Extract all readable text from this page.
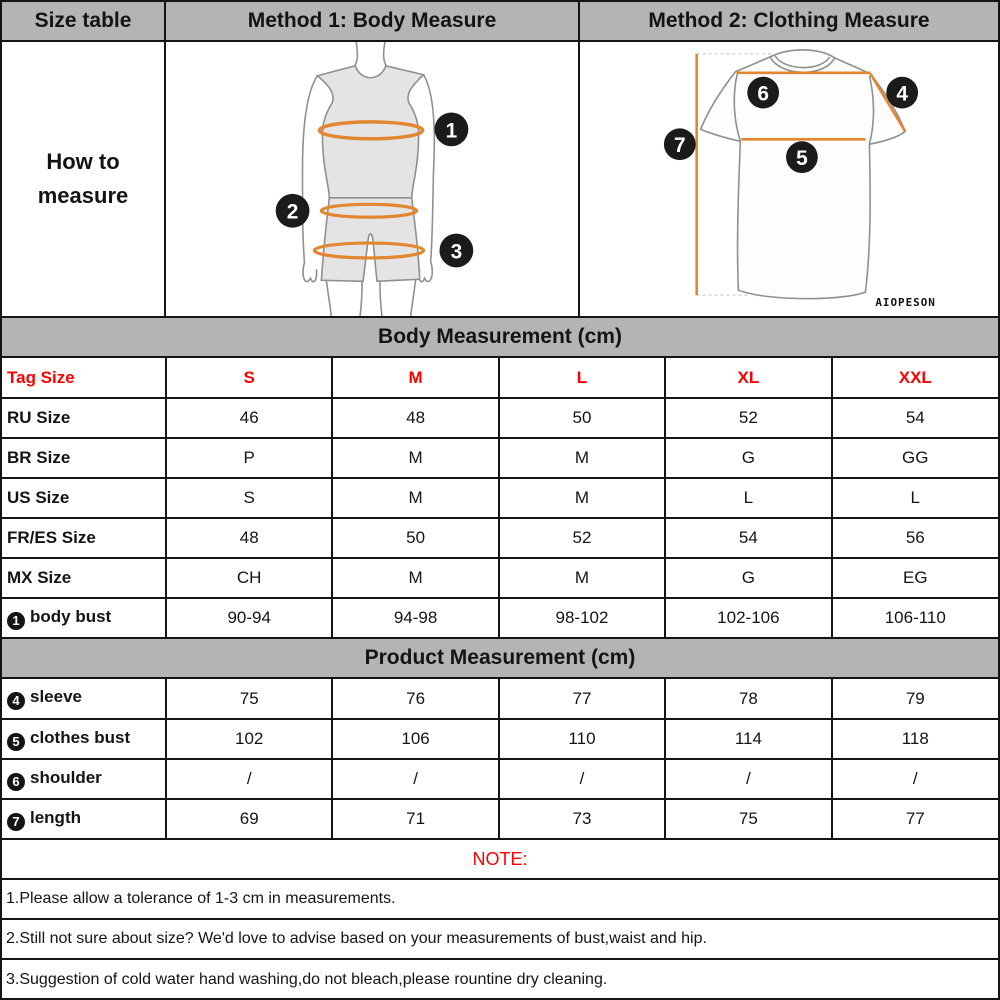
Size table	Method 1: Body Measure	Method 2: Clothing Measure
How to
measure
1
2
3
6	4
7
5
AIOPESON
Body Measurement (cm)
Tag Size	S	M	L	XL	XXL
RU Size	46	48	50	52	54
BR Size	P	M	M	G	GG
US Size	S	M	M	L	L
FR/ES Size	48	50	52	54	56
MX Size	CH	M	M	G	EG
1 body bust	90-94	94-98	98-102	102-106	106-110
Product Measurement (cm)
4 sleeve	75	76	77	78	79
5 clothes bust	102	106	110	114	118
6 shoulder	/	/	/	/	/
7 length	69	71	73	75	77
NOTE:
1.Please allow a tolerance of 1-3 cm in measurements.
2.Still not sure about size? We'd love to advise based on your measurements of bust,waist and hip.
3.Suggestion of cold water hand washing,do not bleach,please rountine dry cleaning.
